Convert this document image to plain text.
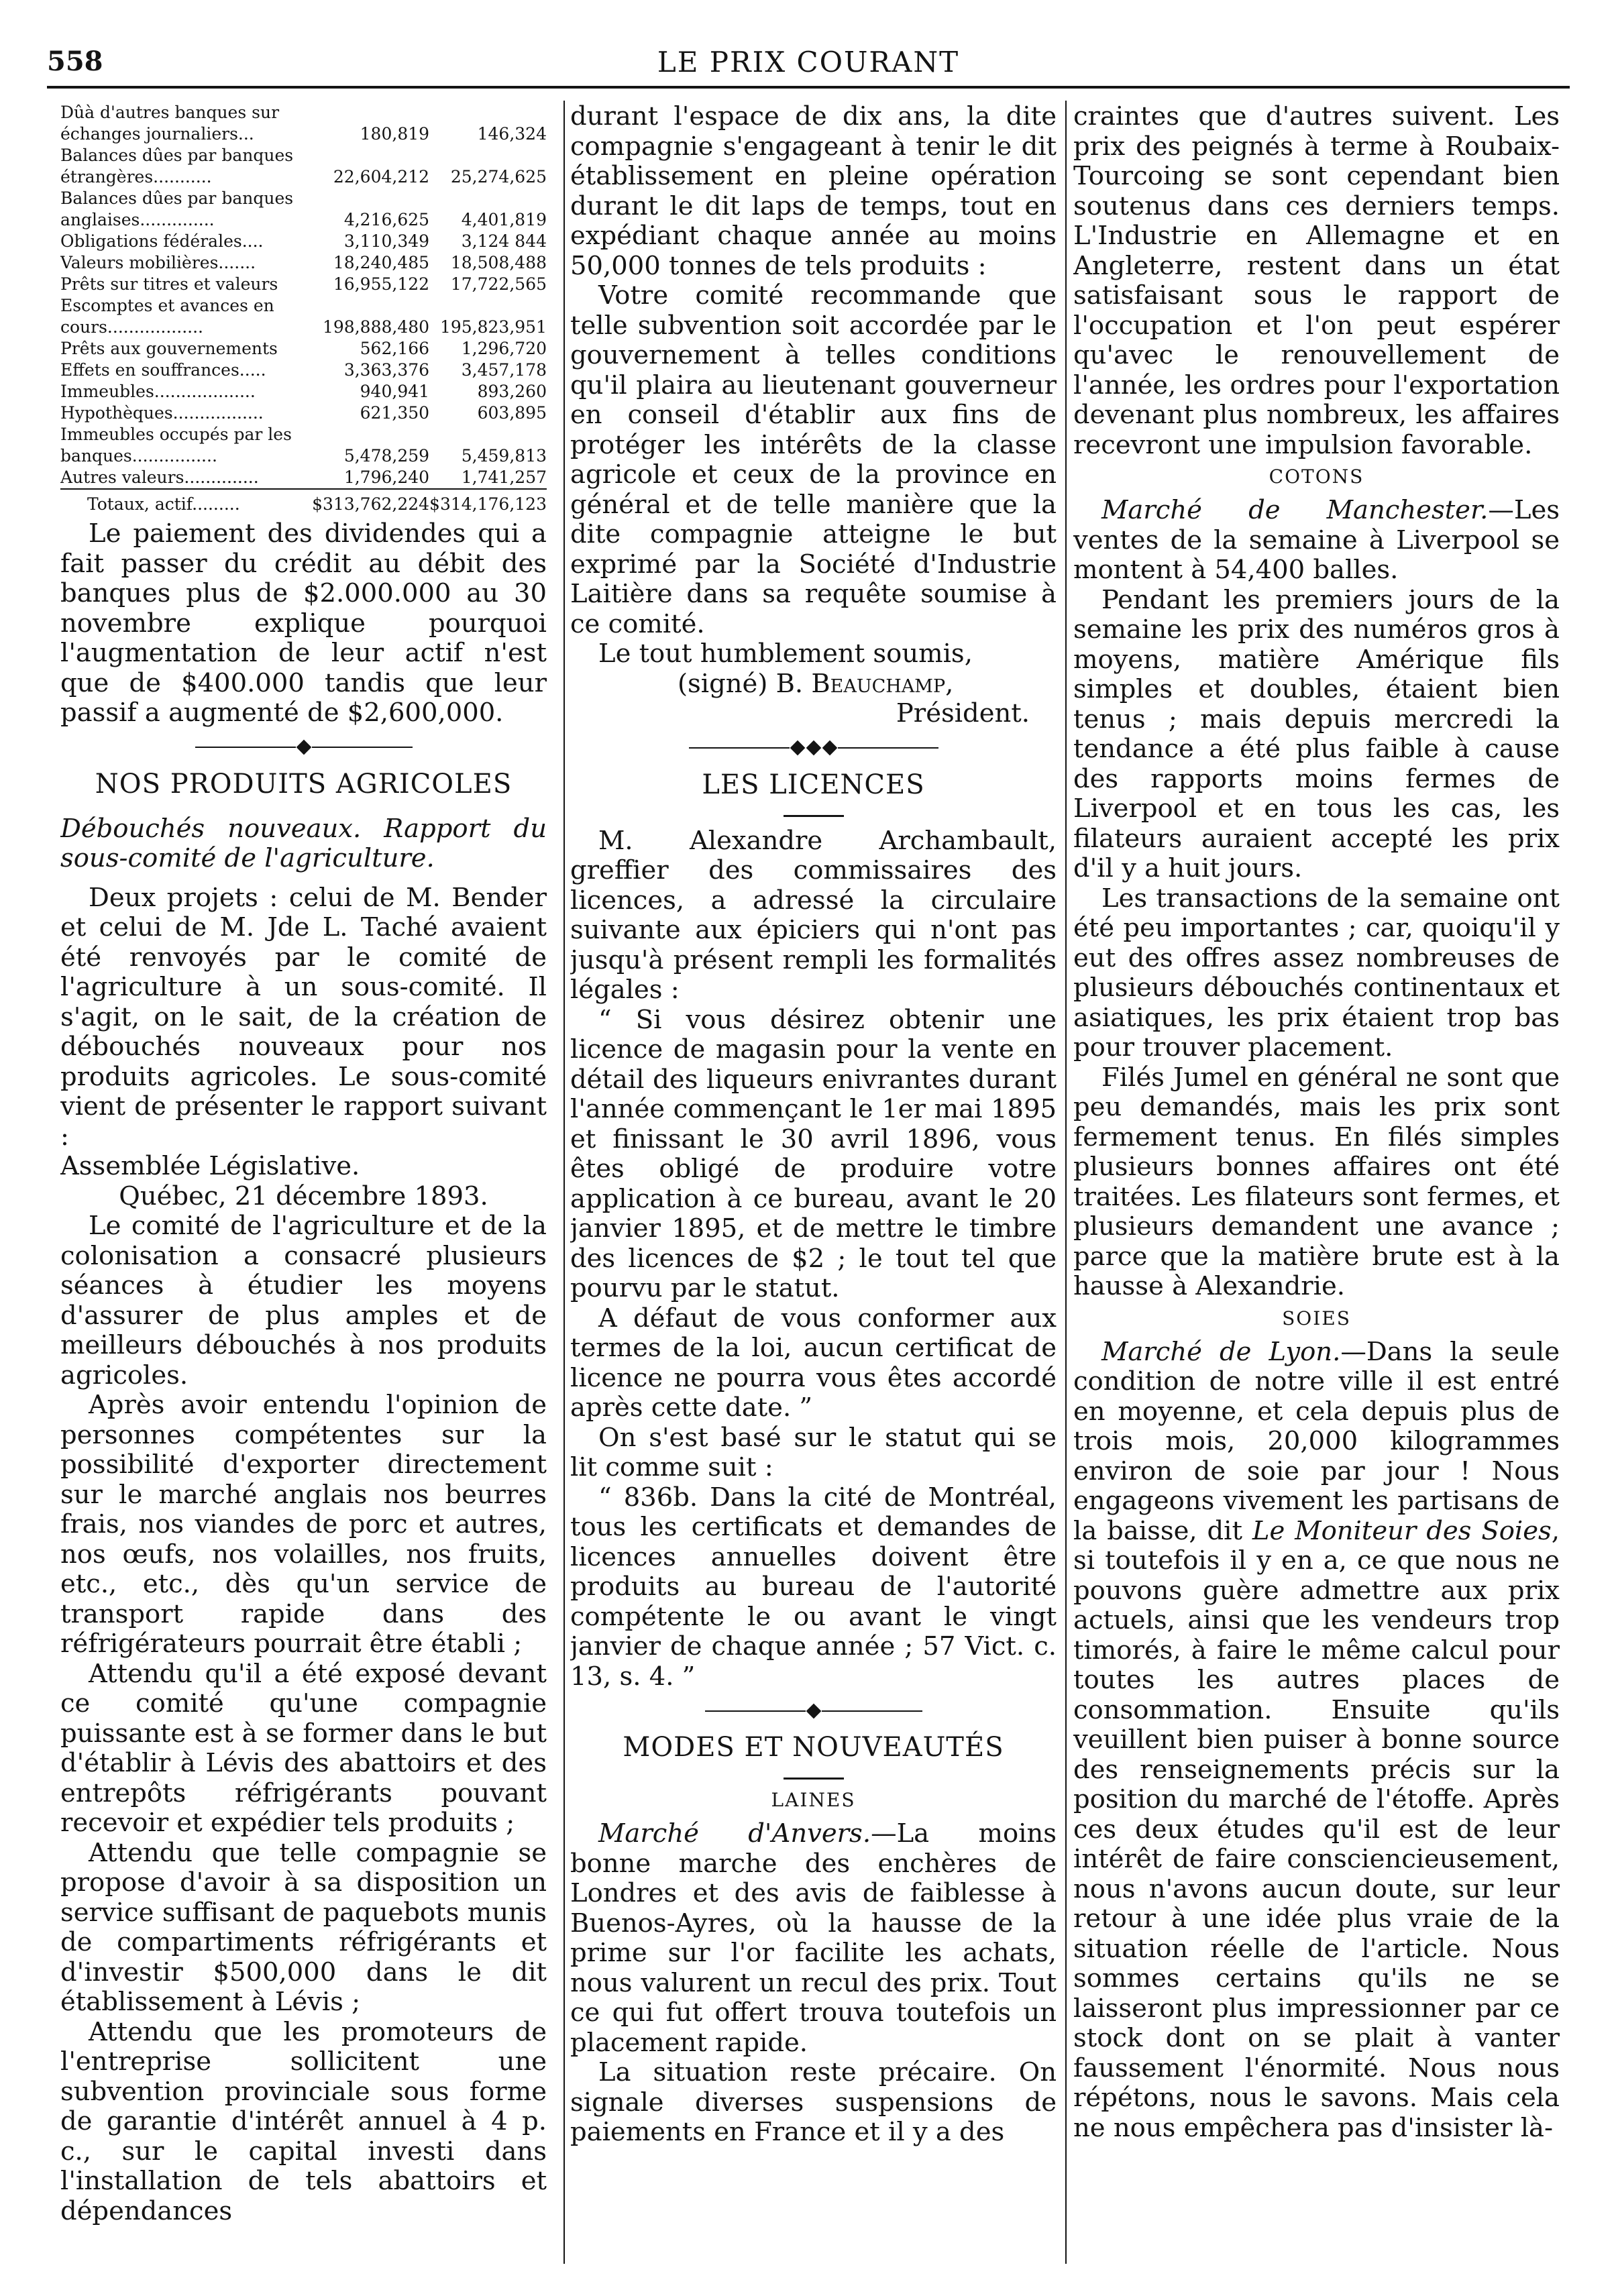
558	LE PRIX COURANT
Dûà d'autres banques sur échanges journaliers...	180,819	146,324
Balances dûes par banques étrangères...........	22,604,212	25,274,625
Balances dûes par banques anglaises..............	4,216,625	4,401,819
Obligations fédérales....	3,110,349	3,124 844
Valeurs mobilières.......	18,240,485	18,508,488
Prêts sur titres et valeurs	16,955,122	17,722,565
Escomptes et avances en cours..................	198,888,480	195,823,951
Prêts aux gouvernements	562,166	1,296,720
Effets en souffrances.....	3,363,376	3,457,178
Immeubles...................	940,941	893,260
Hypothèques.................	621,350	603,895
Immeubles occupés par les banques................	5,478,259	5,459,813
Autres valeurs..............	1,796,240	1,741,257
Totaux, actif.........	$313,762,224	$314,176,123

Le paiement des dividendes qui a fait passer du crédit au débit des banques plus de $2.000.000 au 30 novembre explique pourquoi l'augmentation de leur actif n'est que de $400.000 tandis que leur passif a augmenté de $2,600,000.

NOS PRODUITS AGRICOLES

Débouchés nouveaux. Rapport du sous-comité de l'agriculture.

Deux projets : celui de M. Bender et celui de M. Jde L. Taché avaient été renvoyés par le comité de l'agriculture à un sous-comité. Il s'agit, on le sait, de la création de débouchés nouveaux pour nos produits agricoles. Le sous-comité vient de présenter le rapport suivant :

Assemblée Législative.

Québec, 21 décembre 1893.

Le comité de l'agriculture et de la colonisation a consacré plusieurs séances à étudier les moyens d'assurer de plus amples et de meilleurs débouchés à nos produits agricoles.

Après avoir entendu l'opinion de personnes compétentes sur la possibilité d'exporter directement sur le marché anglais nos beurres frais, nos viandes de porc et autres, nos œufs, nos volailles, nos fruits, etc., etc., dès qu'un service de transport rapide dans des réfrigérateurs pourrait être établi ;

Attendu qu'il a été exposé devant ce comité qu'une compagnie puissante est à se former dans le but d'établir à Lévis des abattoirs et des entrepôts réfrigérants pouvant recevoir et expédier tels produits ;

Attendu que telle compagnie se propose d'avoir à sa disposition un service suffisant de paquebots munis de compartiments réfrigérants et d'investir $500,000 dans le dit établissement à Lévis ;

Attendu que les promoteurs de l'entreprise sollicitent une subvention provinciale sous forme de garantie d'intérêt annuel à 4 p. c., sur le capital investi dans l'installation de tels abattoirs et dépendances

durant l'espace de dix ans, la dite compagnie s'engageant à tenir le dit établissement en pleine opération durant le dit laps de temps, tout en expédiant chaque année au moins 50,000 tonnes de tels produits :

Votre comité recommande que telle subvention soit accordée par le gouvernement à telles conditions qu'il plaira au lieutenant gouverneur en conseil d'établir aux fins de protéger les intérêts de la classe agricole et ceux de la province en général et de telle manière que la dite compagnie atteigne le but exprimé par la Société d'Industrie Laitière dans sa requête soumise à ce comité.

Le tout humblement soumis,

(signé) B. Beauchamp,

Président.

LES LICENCES

M. Alexandre Archambault, greffier des commissaires des licences, a adressé la circulaire suivante aux épiciers qui n'ont pas jusqu'à présent rempli les formalités légales :

“ Si vous désirez obtenir une licence de magasin pour la vente en détail des liqueurs enivrantes durant l'année commençant le 1er mai 1895 et finissant le 30 avril 1896, vous êtes obligé de produire votre application à ce bureau, avant le 20 janvier 1895, et de mettre le timbre des licences de $2 ; le tout tel que pourvu par le statut.

A défaut de vous conformer aux termes de la loi, aucun certificat de licence ne pourra vous êtes accordé après cette date. ”

On s'est basé sur le statut qui se lit comme suit :

“ 836b. Dans la cité de Montréal, tous les certificats et demandes de licences annuelles doivent être produits au bureau de l'autorité compétente le ou avant le vingt janvier de chaque année ; 57 Vict. c. 13, s. 4. ”

MODES ET NOUVEAUTÉS
LAINES

Marché d'Anvers.—La moins bonne marche des enchères de Londres et des avis de faiblesse à Buenos-Ayres, où la hausse de la prime sur l'or facilite les achats, nous valurent un recul des prix. Tout ce qui fut offert trouva toutefois un placement rapide.

La situation reste précaire. On signale diverses suspensions de paiements en France et il y a des

craintes que d'autres suivent. Les prix des peignés à terme à Roubaix-Tourcoing se sont cependant bien soutenus dans ces derniers temps. L'Industrie en Allemagne et en Angleterre, restent dans un état satisfaisant sous le rapport de l'occupation et l'on peut espérer qu'avec le renouvellement de l'année, les ordres pour l'exportation devenant plus nombreux, les affaires recevront une impulsion favorable.

COTONS

Marché de Manchester.—Les ventes de la semaine à Liverpool se montent à 54,400 balles.

Pendant les premiers jours de la semaine les prix des numéros gros à moyens, matière Amérique fils simples et doubles, étaient bien tenus ; mais depuis mercredi la tendance a été plus faible à cause des rapports moins fermes de Liverpool et en tous les cas, les filateurs auraient accepté les prix d'il y a huit jours.

Les transactions de la semaine ont été peu importantes ; car, quoiqu'il y eut des offres assez nombreuses de plusieurs débouchés continentaux et asiatiques, les prix étaient trop bas pour trouver placement.

Filés Jumel en général ne sont que peu demandés, mais les prix sont fermement tenus. En filés simples plusieurs bonnes affaires ont été traitées. Les filateurs sont fermes, et plusieurs demandent une avance ; parce que la matière brute est à la hausse à Alexandrie.

SOIES

Marché de Lyon.—Dans la seule condition de notre ville il est entré en moyenne, et cela depuis plus de trois mois, 20,000 kilogrammes environ de soie par jour ! Nous engageons vivement les partisans de la baisse, dit Le Moniteur des Soies, si toutefois il y en a, ce que nous ne pouvons guère admettre aux prix actuels, ainsi que les vendeurs trop timorés, à faire le même calcul pour toutes les autres places de consommation. Ensuite qu'ils veuillent bien puiser à bonne source des renseignements précis sur la position du marché de l'étoffe. Après ces deux études qu'il est de leur intérêt de faire consciencieusement, nous n'avons aucun doute, sur leur retour à une idée plus vraie de la situation réelle de l'article. Nous sommes certains qu'ils ne se laisseront plus impressionner par ce stock dont on se plait à vanter faussement l'énormité. Nous nous répétons, nous le savons. Mais cela ne nous empêchera pas d'insister là-
